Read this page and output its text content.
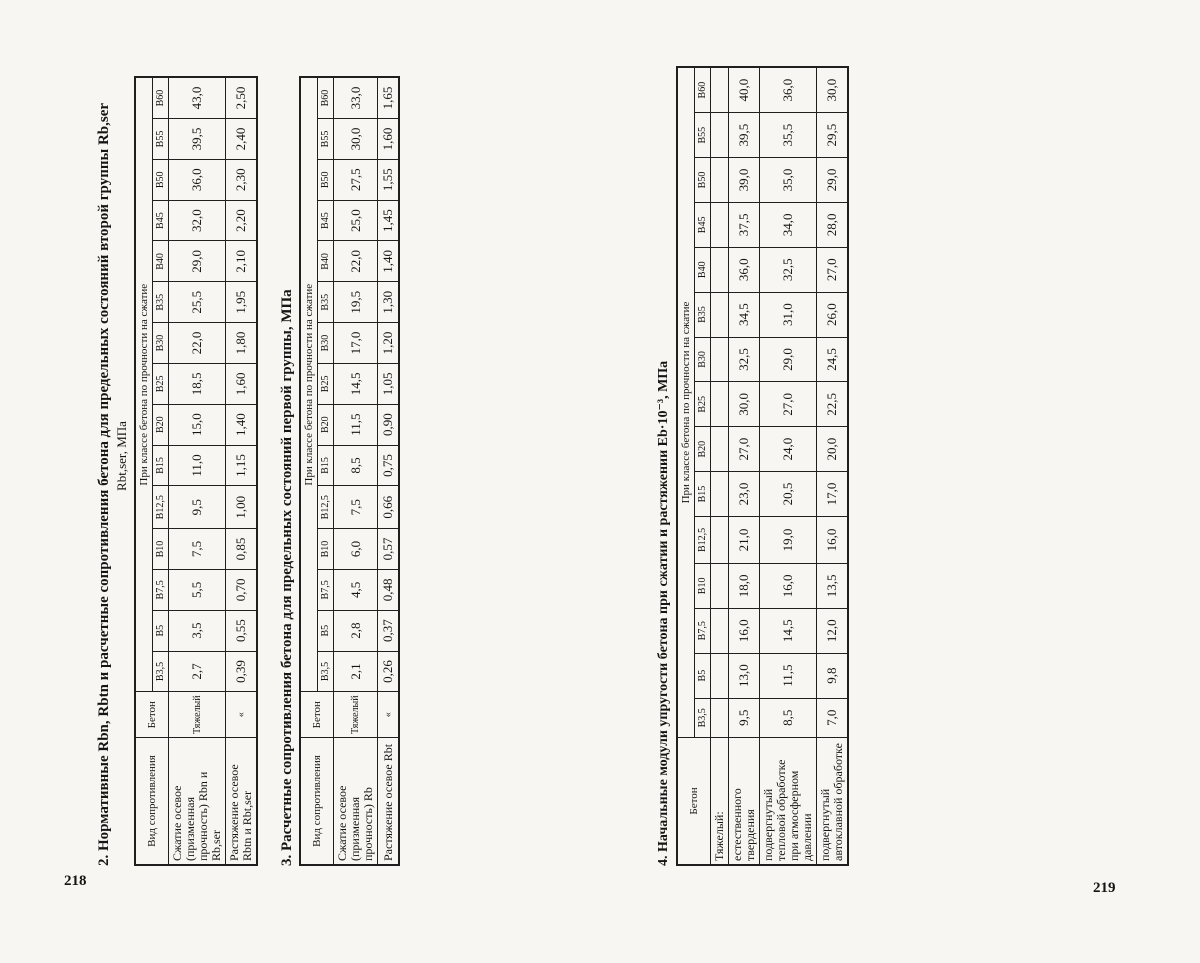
218
2. Нормативные Rbn, Rbtn и расчетные сопротивления бетона для предельных состояний второй группы Rb,ser Rbt,ser, МПа
Вид сопротивления	Бетон	При классе бетона по прочности на сжатие														
		B3,5	B5	B7,5	B10	B12,5	B15	B20	B25	B30	B35	B40	B45	B50	B55	B60
Сжатие осевое (призменная прочность) Rbn и Rb,ser	Тяжелый	2,7	3,5	5,5	7,5	9,5	11,0	15,0	18,5	22,0	25,5	29,0	32,0	36,0	39,5	43,0
Растяжение осевое Rbtn и Rbt,ser	«	0,39	0,55	0,70	0,85	1,00	1,15	1,40	1,60	1,80	1,95	2,10	2,20	2,30	2,40	2,50
3. Расчетные сопротивления бетона для предельных состояний первой группы, МПа Вид сопротивления	Бетон	При классе бетона по прочности на сжатие														
		B3,5	B5	B7,5	B10	B12,5	B15	B20	B25	B30	B35	B40	B45	B50	B55	B60
Сжатие осевое (призменная прочность) Rb	Тяжелый	2,1	2,8	4,5	6,0	7,5	8,5	11,5	14,5	17,0	19,5	22,0	25,0	27,5	30,0	33,0
Растяжение осевое Rbt	«	0,26	0,37	0,48	0,57	0,66	0,75	0,90	1,05	1,20	1,30	1,40	1,45	1,55	1,60	1,65
219
4. Начальные модули упругости бетона при сжатии и растяжении Eb·10⁻³, МПа Бетон	При классе бетона по прочности на сжатие														
	B3,5	B5	B7,5	B10	B12,5	B15	B20	B25	B30	B35	B40	B45	B50	B55	B60
Тяжелый:															
естественного твердения	9,5	13,0	16,0	18,0	21,0	23,0	27,0	30,0	32,5	34,5	36,0	37,5	39,0	39,5	40,0
подвергнутый тепловой обработке при атмосферном давлении	8,5	11,5	14,5	16,0	19,0	20,5	24,0	27,0	29,0	31,0	32,5	34,0	35,0	35,5	36,0
подвергнутый автоклавной обработке	7,0	9,8	12,0	13,5	16,0	17,0	20,0	22,5	24,5	26,0	27,0	28,0	29,0	29,5	30,0
